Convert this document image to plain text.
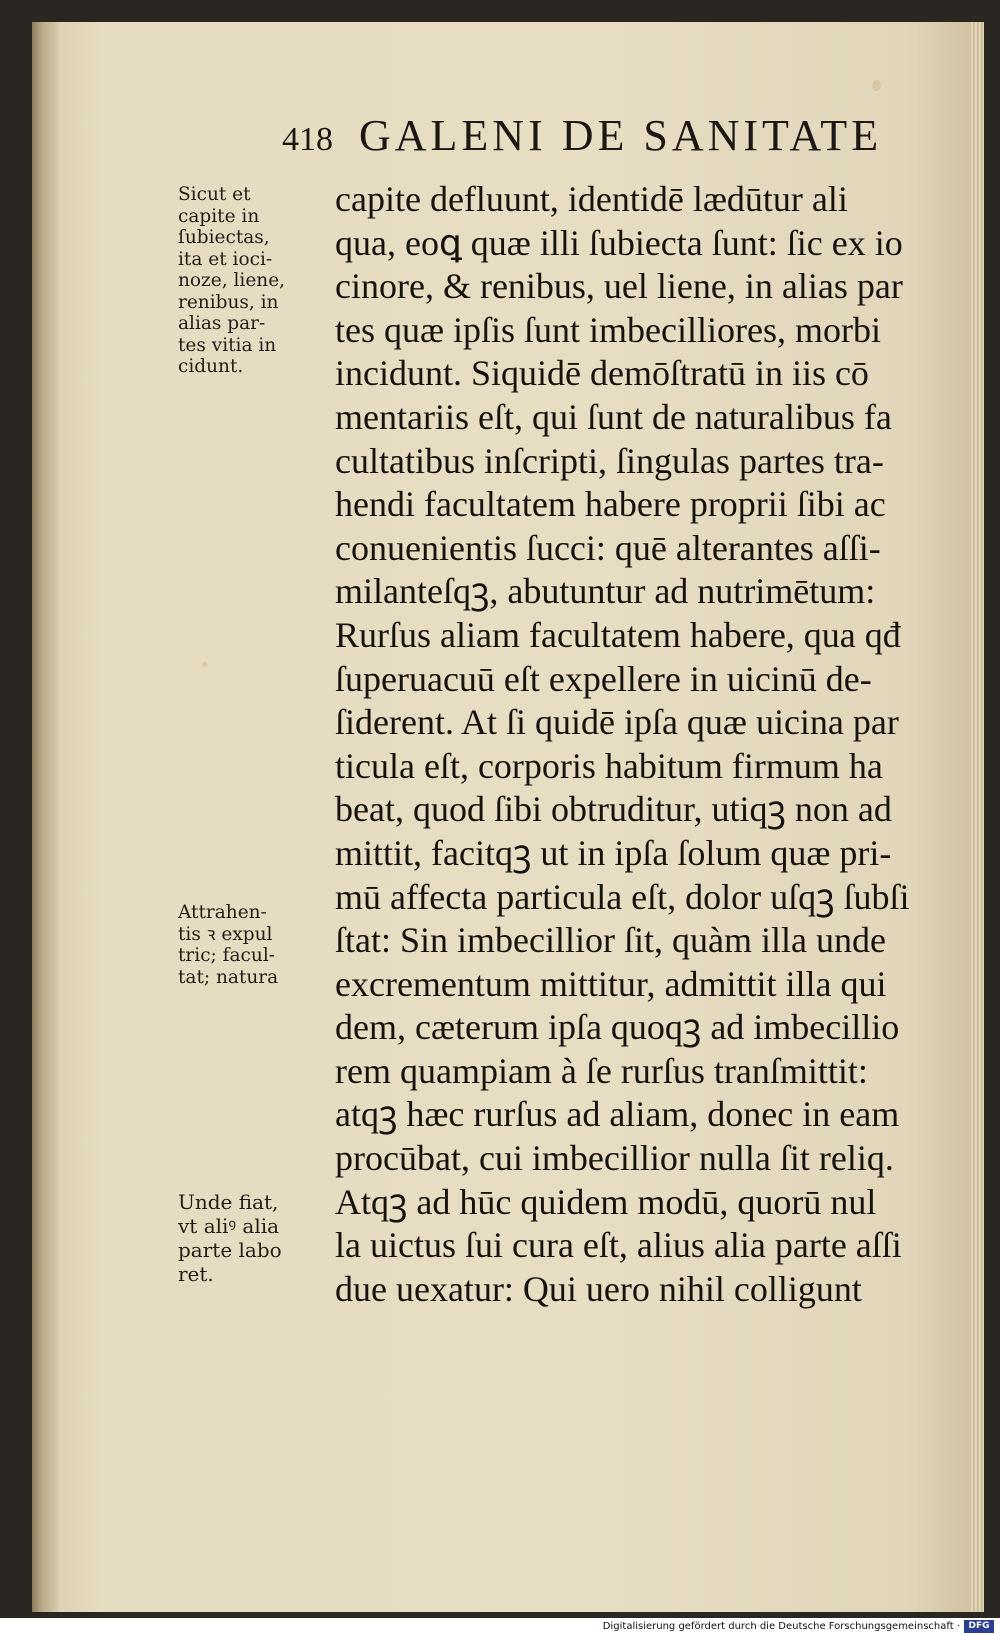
418 GALENI DE SANITATE
Sicut et
capite in
ſubiectas,
ita et ioci-
noze, liene,
renibus, in
alias par-
tes vitia in
cidunt.
Attrahen-
tis ꝛ expul
tric; facul-
tat; natura
Unde fiat,
vt aliꝰ alia
parte labo
ret.
capite defluunt, identidē lædūtur ali
qua, eoꝗ quæ illi ſubiecta ſunt: ſic ex io
cinore, & renibus, uel liene, in alias par
tes quæ ipſis ſunt imbecilliores, morbi
incidunt. Siquidē demōſtratū in iis cō
mentariis eſt, qui ſunt de naturalibus fa
cultatibus inſcripti, ſingulas partes tra-
hendi facultatem habere proprii ſibi ac
conuenientis ſucci: quē alterantes aſſi-
milanteſqꝫ, abutuntur ad nutrimētum:
Rurſus aliam facultatem habere, qua qđ
ſuperuacuū eſt expellere in uicinū de-
ſiderent. At ſi quidē ipſa quæ uicina par
ticula eſt, corporis habitum firmum ha
beat, quod ſibi obtruditur, utiqꝫ non ad
mittit, facitqꝫ ut in ipſa ſolum quæ pri-
mū affecta particula eſt, dolor uſqꝫ ſubſi
ſtat: Sin imbecillior ſit, quàm illa unde
excrementum mittitur, admittit illa qui
dem, cæterum ipſa quoqꝫ ad imbecillio
rem quampiam à ſe rurſus tranſmittit:
atqꝫ hæc rurſus ad aliam, donec in eam
procūbat, cui imbecillior nulla ſit reliq.
Atqꝫ ad hūc quidem modū, quorū nul
la uictus ſui cura eſt, alius alia parte aſſi
due uexatur: Qui uero nihil colligunt
Digitalisierung gefördert durch die Deutsche Forschungsgemeinschaft · DFG
